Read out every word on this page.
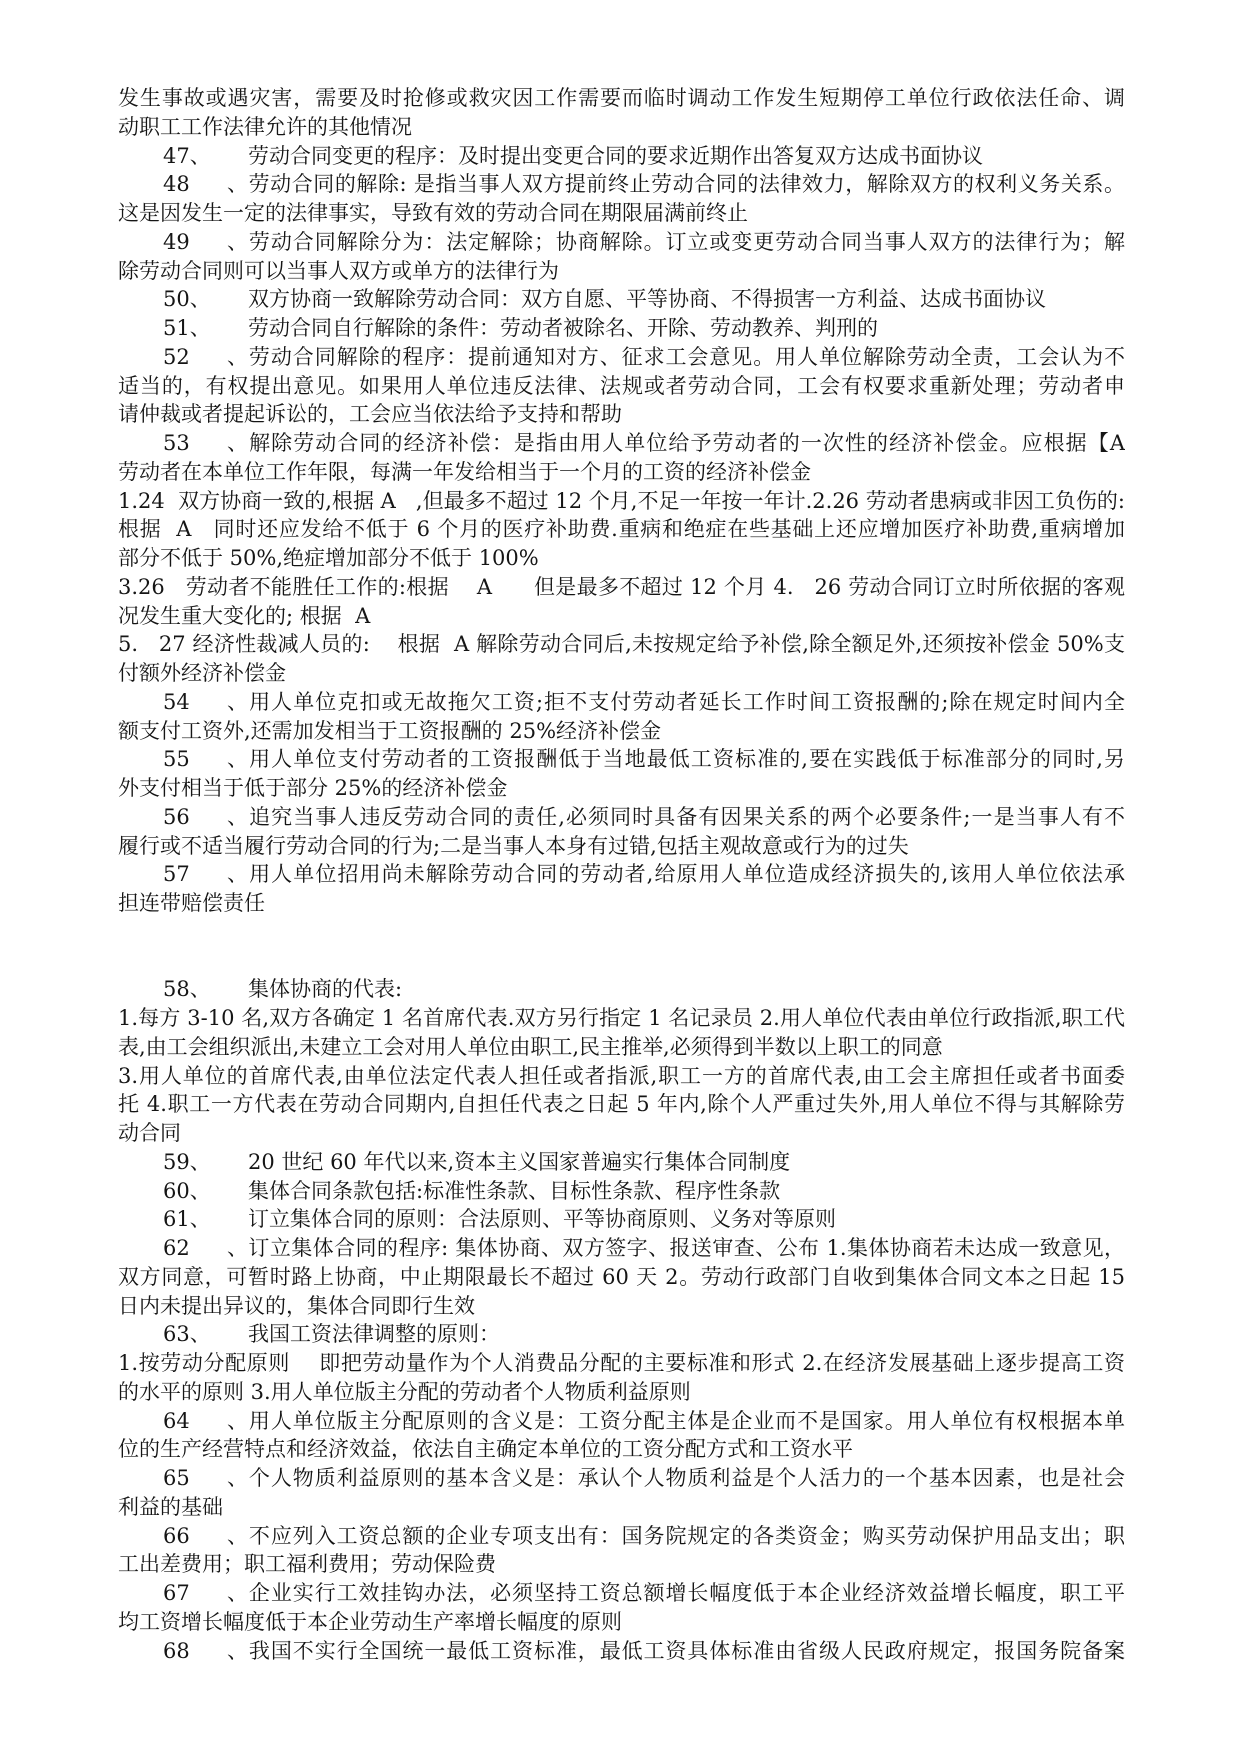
发生事故或遇灾害，需要及时抢修或救灾因工作需要而临时调动工作发生短期停工单位行政依法任命、调
动职工工作法律允许的其他情况
47、 劳动合同变更的程序：及时提出变更合同的要求近期作出答复双方达成书面协议
48、劳动合同的解除: 是指当事人双方提前终止劳动合同的法律效力，解除双方的权利义务关系。
这是因发生一定的法律事实，导致有效的劳动合同在期限届满前终止
49、劳动合同解除分为：法定解除；协商解除。订立或变更劳动合同当事人双方的法律行为；解
除劳动合同则可以当事人双方或单方的法律行为
50、 双方协商一致解除劳动合同：双方自愿、平等协商、不得损害一方利益、达成书面协议
51、 劳动合同自行解除的条件：劳动者被除名、开除、劳动教养、判刑的
52、劳动合同解除的程序：提前通知对方、征求工会意见。用人单位解除劳动全责，工会认为不
适当的，有权提出意见。如果用人单位违反法律、法规或者劳动合同，工会有权要求重新处理；劳动者申
请仲裁或者提起诉讼的，工会应当依法给予支持和帮助
53、解除劳动合同的经济补偿：是指由用人单位给予劳动者的一次性的经济补偿金。应根据【A
劳动者在本单位工作年限，每满一年发给相当于一个月的工资的经济补偿金
1.24  双方协商一致的,根据 A   ,但最多不超过 12 个月,不足一年按一年计.2.26 劳动者患病或非因工负伤的:
根据  A   同时还应发给不低于 6 个月的医疗补助费.重病和绝症在些基础上还应增加医疗补助费,重病增加
部分不低于 50%,绝症增加部分不低于 100%
3.26   劳动者不能胜任工作的:根据    A      但是最多不超过 12 个月 4.   26 劳动合同订立时所依据的客观
况发生重大变化的; 根据  A
5.   27 经济性裁减人员的:    根据  A 解除劳动合同后,未按规定给予补偿,除全额足外,还须按补偿金 50%支
付额外经济补偿金
54、用人单位克扣或无故拖欠工资;拒不支付劳动者延长工作时间工资报酬的;除在规定时间内全
额支付工资外,还需加发相当于工资报酬的 25%经济补偿金
55、用人单位支付劳动者的工资报酬低于当地最低工资标准的,要在实践低于标准部分的同时,另
外支付相当于低于部分 25%的经济补偿金
56、追究当事人违反劳动合同的责任,必须同时具备有因果关系的两个必要条件;一是当事人有不
履行或不适当履行劳动合同的行为;二是当事人本身有过错,包括主观故意或行为的过失
57、用人单位招用尚未解除劳动合同的劳动者,给原用人单位造成经济损失的,该用人单位依法承
担连带赔偿责任
58、 集体协商的代表:
1.每方 3-10 名,双方各确定 1 名首席代表.双方另行指定 1 名记录员 2.用人单位代表由单位行政指派,职工代
表,由工会组织派出,未建立工会对用人单位由职工,民主推举,必须得到半数以上职工的同意
3.用人单位的首席代表,由单位法定代表人担任或者指派,职工一方的首席代表,由工会主席担任或者书面委
托 4.职工一方代表在劳动合同期内,自担任代表之日起 5 年内,除个人严重过失外,用人单位不得与其解除劳
动合同
59、 20 世纪 60 年代以来,资本主义国家普遍实行集体合同制度
60、 集体合同条款包括:标准性条款、目标性条款、程序性条款
61、 订立集体合同的原则：合法原则、平等协商原则、义务对等原则
62、订立集体合同的程序: 集体协商、双方签字、报送审查、公布 1.集体协商若未达成一致意见，
双方同意，可暂时路上协商，中止期限最长不超过 60 天 2。劳动行政部门自收到集体合同文本之日起 15
日内未提出异议的，集体合同即行生效
63、 我国工资法律调整的原则：
1.按劳动分配原则    即把劳动量作为个人消费品分配的主要标准和形式 2.在经济发展基础上逐步提高工资
的水平的原则 3.用人单位版主分配的劳动者个人物质利益原则
64、用人单位版主分配原则的含义是：工资分配主体是企业而不是国家。用人单位有权根据本单
位的生产经营特点和经济效益，依法自主确定本单位的工资分配方式和工资水平
65、个人物质利益原则的基本含义是：承认个人物质利益是个人活力的一个基本因素，也是社会
利益的基础
66、不应列入工资总额的企业专项支出有：国务院规定的各类资金；购买劳动保护用品支出；职
工出差费用；职工福利费用；劳动保险费
67、企业实行工效挂钩办法，必须坚持工资总额增长幅度低于本企业经济效益增长幅度，职工平
均工资增长幅度低于本企业劳动生产率增长幅度的原则
68、我国不实行全国统一最低工资标准，最低工资具体标准由省级人民政府规定，报国务院备案
